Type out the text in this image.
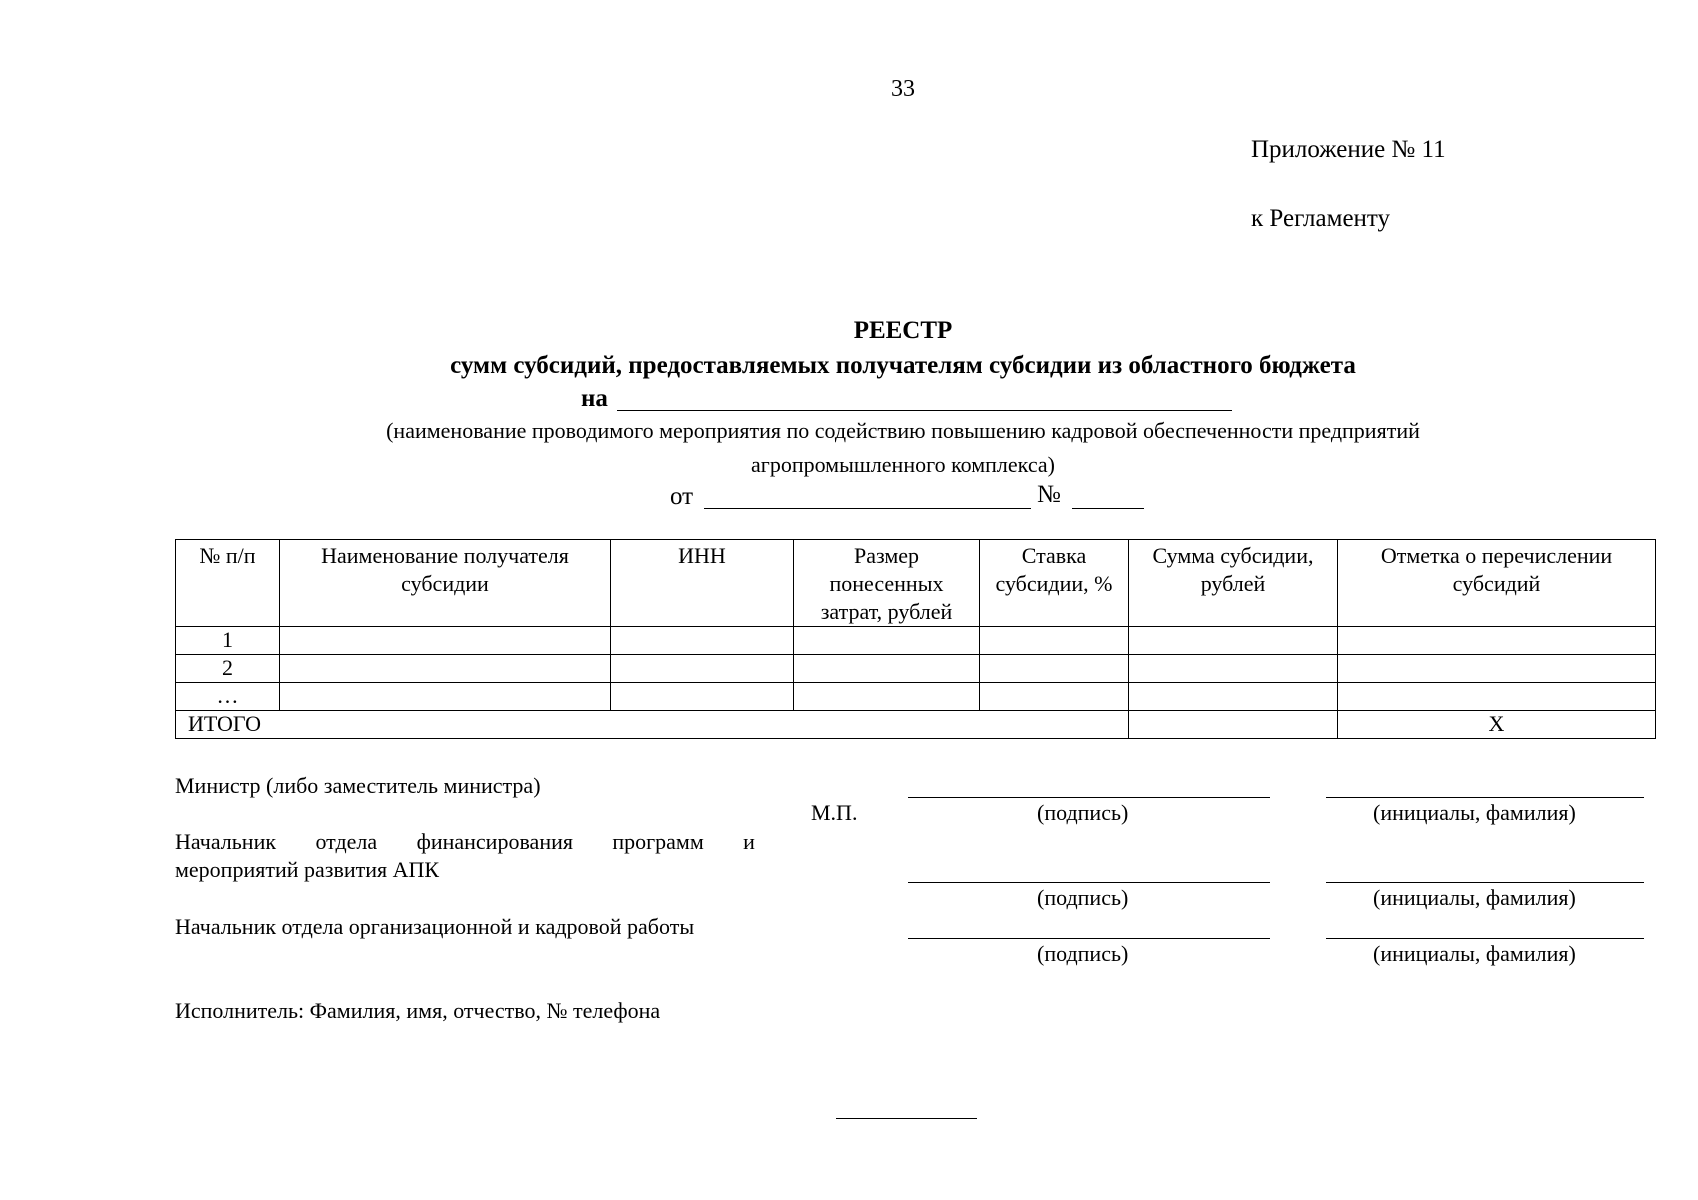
33
Приложение № 11
к Регламенту
РЕЕСТР
сумм субсидий, предоставляемых получателям субсидии из областного бюджета
на
(наименование проводимого мероприятия по содействию повышению кадровой обеспеченности предприятий
агропромышленного комплекса)
от	№
№ п/п	Наименование получателя субсидии	ИНН	Размер понесенных затрат, рублей	Ставка субсидии, %	Сумма субсидии, рублей	Отметка о перечислении субсидий
1						
2						
…						
ИТОГО						Х
Министр (либо заместитель министра)
Начальник отдела финансирования программ и
мероприятий развития АПК
Начальник отдела организационной и кадровой работы
М.П.	(подпись)	(инициалы, фамилия)
(подпись)	(инициалы, фамилия)
(подпись)	(инициалы, фамилия)
Исполнитель: Фамилия, имя, отчество, № телефона
